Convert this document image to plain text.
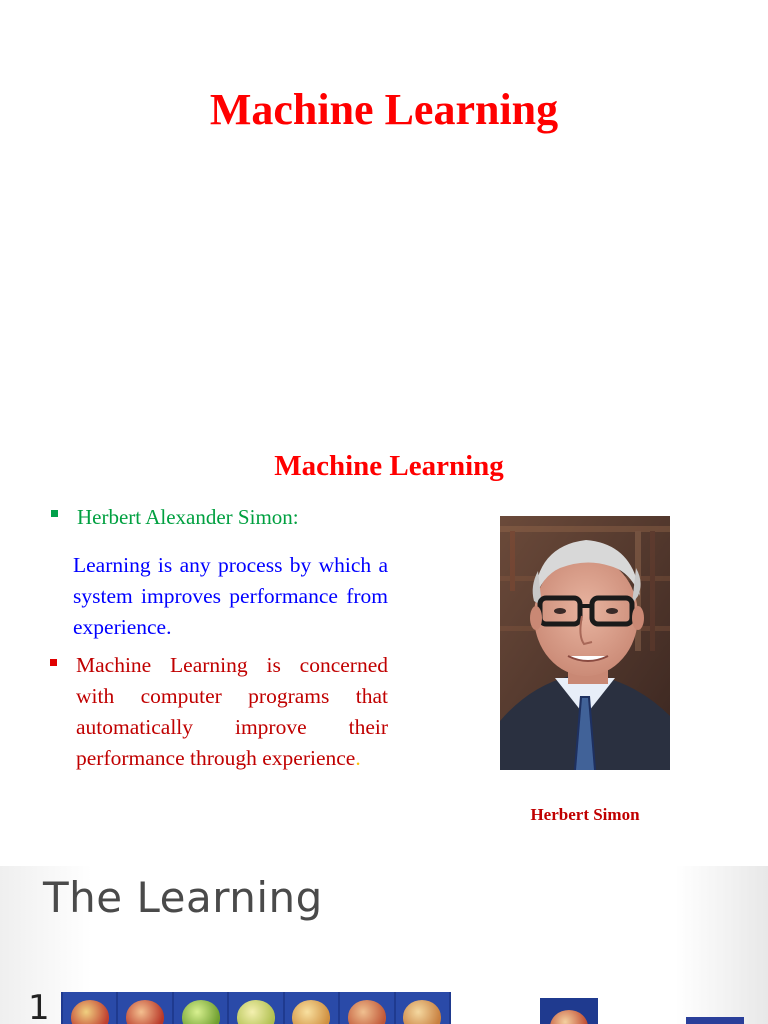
Machine Learning
Machine Learning
Herbert Alexander Simon:
Learning is any process by which a system improves performance from experience.
Machine Learning is concerned with computer programs that automatically improve their performance through experience.
Herbert Simon
The Learning
1
